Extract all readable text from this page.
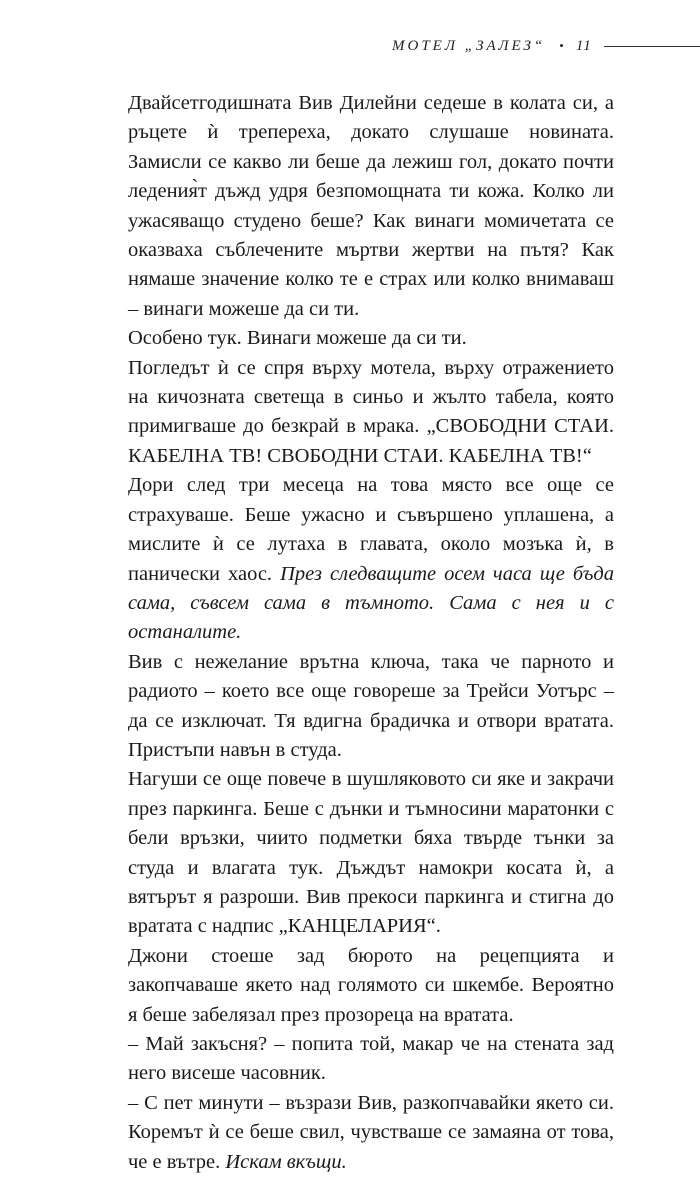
МОТЕЛ „ЗАЛЕЗ“ • 11

Двайсетгодишната Вив Дилейни седеше в колата си, а ръцете ѝ трепереха, докато слушаше новината. Замисли се какво ли беше да лежиш гол, докато почти ледения̀т дъжд удря безпомощната ти кожа. Колко ли ужасяващо студено беше? Как винаги момичетата се оказваха съблечените мъртви жертви на пътя? Как нямаше значение колко те е страх или колко внимаваш – винаги можеше да си ти.

Особено тук. Винаги можеше да си ти.

Погледът ѝ се спря върху мотела, върху отражението на кичозната светеща в синьо и жълто табела, която примигваше до безкрай в мрака. „СВОБОДНИ СТАИ. КАБЕЛНА ТВ! СВОБОДНИ СТАИ. КАБЕЛНА ТВ!“

Дори след три месеца на това място все още се страхуваше. Беше ужасно и съвършено уплашена, а мислите ѝ се лутаха в главата, около мозъка ѝ, в панически хаос. През следващите осем часа ще бъда сама, съвсем сама в тъмното. Сама с нея и с останалите.

Вив с нежелание врътна ключа, така че парното и радиото – което все още говореше за Трейси Уотърс – да се изключат. Тя вдигна брадичка и отвори вратата. Пристъпи навън в студа.

Нагуши се още повече в шушляковото си яке и закрачи през паркинга. Беше с дънки и тъмносини маратонки с бели връзки, чиито подметки бяха твърде тънки за студа и влагата тук. Дъждът намокри косата ѝ, а вятърът я разроши. Вив прекоси паркинга и стигна до вратата с надпис „КАНЦЕЛАРИЯ“.

Джони стоеше зад бюрото на рецепцията и закопчаваше якето над голямото си шкембе. Вероятно я беше забелязал през прозореца на вратата.

– Май закъсня? – попита той, макар че на стената зад него висеше часовник.

– С пет минути – възрази Вив, разкопчавайки якето си. Коремът ѝ се беше свил, чувстваше се замаяна от това, че е вътре. Искам вкъщи.
